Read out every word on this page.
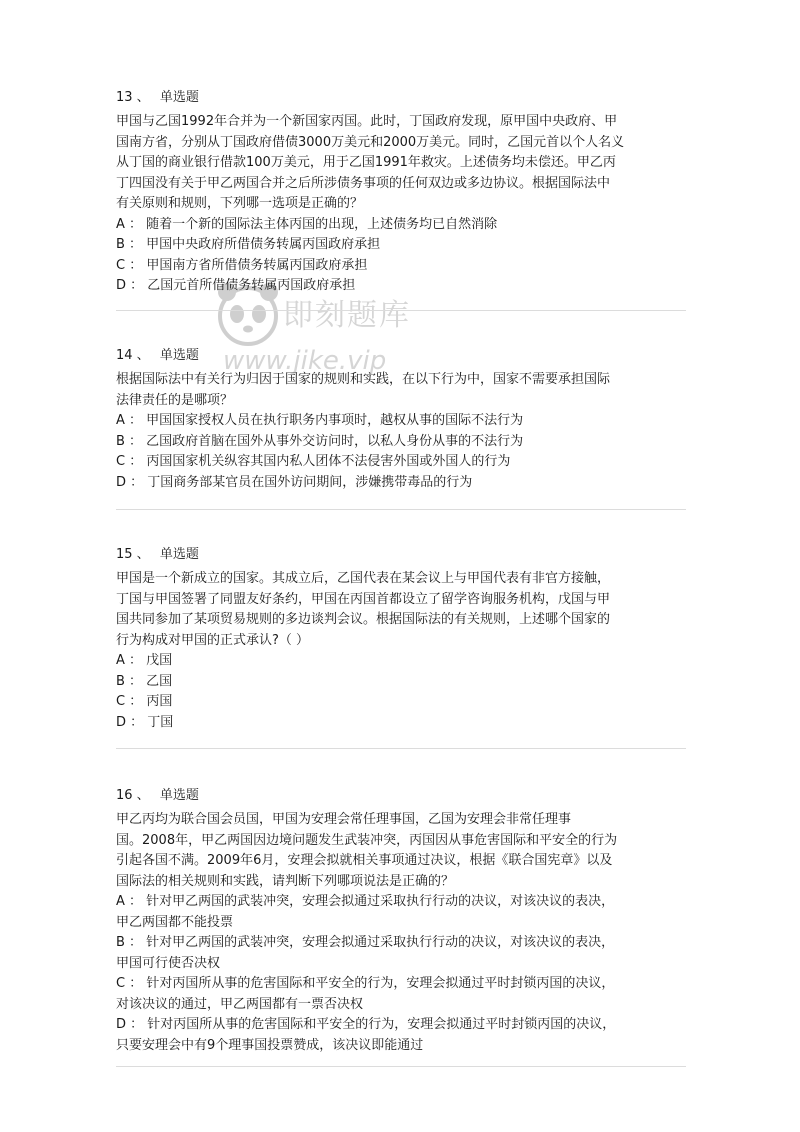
即刻题库
www.jike.vip
13 、 单选题

甲国与乙国1992年合并为一个新国家丙国。此时，丁国政府发现，原甲国中央政府、甲

国南方省，分别从丁国政府借债3000万美元和2000万美元。同时，乙国元首以个人名义

从丁国的商业银行借款100万美元，用于乙国1991年救灾。上述债务均未偿还。甲乙丙

丁四国没有关于甲乙两国合并之后所涉债务事项的任何双边或多边协议。根据国际法中

有关原则和规则，下列哪一选项是正确的？

A ： 随着一个新的国际法主体丙国的出现，上述债务均已自然消除

B ： 甲国中央政府所借债务转属丙国政府承担

C ： 甲国南方省所借债务转属丙国政府承担

D ： 乙国元首所借债务转属丙国政府承担

14 、 单选题

根据国际法中有关行为归因于国家的规则和实践，在以下行为中，国家不需要承担国际

法律责任的是哪项？

A ： 甲国国家授权人员在执行职务内事项时，越权从事的国际不法行为

B ： 乙国政府首脑在国外从事外交访问时，以私人身份从事的不法行为

C ： 丙国国家机关纵容其国内私人团体不法侵害外国或外国人的行为

D ： 丁国商务部某官员在国外访问期间，涉嫌携带毒品的行为

15 、 单选题

甲国是一个新成立的国家。其成立后，乙国代表在某会议上与甲国代表有非官方接触，

丁国与甲国签署了同盟友好条约，甲国在丙国首都设立了留学咨询服务机构，戊国与甲

国共同参加了某项贸易规则的多边谈判会议。根据国际法的有关规则，上述哪个国家的

行为构成对甲国的正式承认?（ ）

A ： 戊国

B ： 乙国

C ： 丙国

D ： 丁国

16 、 单选题

甲乙丙均为联合国会员国，甲国为安理会常任理事国，乙国为安理会非常任理事

国。2008年，甲乙两国因边境问题发生武装冲突，丙国因从事危害国际和平安全的行为

引起各国不满。2009年6月，安理会拟就相关事项通过决议，根据《联合国宪章》以及

国际法的相关规则和实践，请判断下列哪项说法是正确的？

A ： 针对甲乙两国的武装冲突，安理会拟通过采取执行行动的决议，对该决议的表决，

甲乙两国都不能投票

B ： 针对甲乙两国的武装冲突，安理会拟通过采取执行行动的决议，对该决议的表决，

甲国可行使否决权

C ： 针对丙国所从事的危害国际和平安全的行为，安理会拟通过平时封锁丙国的决议，

对该决议的通过，甲乙两国都有一票否决权

D ： 针对丙国所从事的危害国际和平安全的行为，安理会拟通过平时封锁丙国的决议，

只要安理会中有9个理事国投票赞成，该决议即能通过
